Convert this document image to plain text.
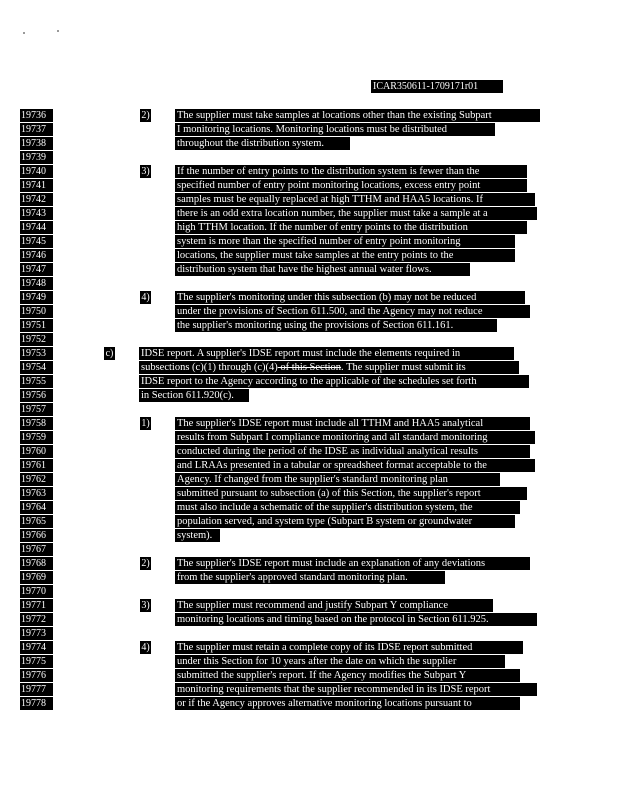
ICAR350611-1709171r01
19736
19737
19738
19739
19740
19741
19742
19743
19744
19745
19746
19747
19748
19749
19750
19751
19752
19753
19754
19755
19756
19757
19758
19759
19760
19761
19762
19763
19764
19765
19766
19767
19768
19769
19770
19771
19772
19773
19774
19775
19776
19777
19778
2)
3)
4)
c)
1)
2)
3)
4)
The supplier must take samples at locations other than the existing Subpart
I monitoring locations. Monitoring locations must be distributed
throughout the distribution system.
If the number of entry points to the distribution system is fewer than the
specified number of entry point monitoring locations, excess entry point
samples must be equally replaced at high TTHM and HAA5 locations. If
there is an odd extra location number, the supplier must take a sample at a
high TTHM location. If the number of entry points to the distribution
system is more than the specified number of entry point monitoring
locations, the supplier must take samples at the entry points to the
distribution system that have the highest annual water flows.
The supplier's monitoring under this subsection (b) may not be reduced
under the provisions of Section 611.500, and the Agency may not reduce
the supplier's monitoring using the provisions of Section 611.161.
IDSE report. A supplier's IDSE report must include the elements required in
subsections (c)(1) through (c)(4) of this Section. The supplier must submit its
IDSE report to the Agency according to the applicable of the schedules set forth
in Section 611.920(c).
The supplier's IDSE report must include all TTHM and HAA5 analytical
results from Subpart I compliance monitoring and all standard monitoring
conducted during the period of the IDSE as individual analytical results
and LRAAs presented in a tabular or spreadsheet format acceptable to the
Agency. If changed from the supplier's standard monitoring plan
submitted pursuant to subsection (a) of this Section, the supplier's report
must also include a schematic of the supplier's distribution system, the
population served, and system type (Subpart B system or groundwater
system).
The supplier's IDSE report must include an explanation of any deviations
from the supplier's approved standard monitoring plan.
The supplier must recommend and justify Subpart Y compliance
monitoring locations and timing based on the protocol in Section 611.925.
The supplier must retain a complete copy of its IDSE report submitted
under this Section for 10 years after the date on which the supplier
submitted the supplier's report. If the Agency modifies the Subpart Y
monitoring requirements that the supplier recommended in its IDSE report
or if the Agency approves alternative monitoring locations pursuant to
